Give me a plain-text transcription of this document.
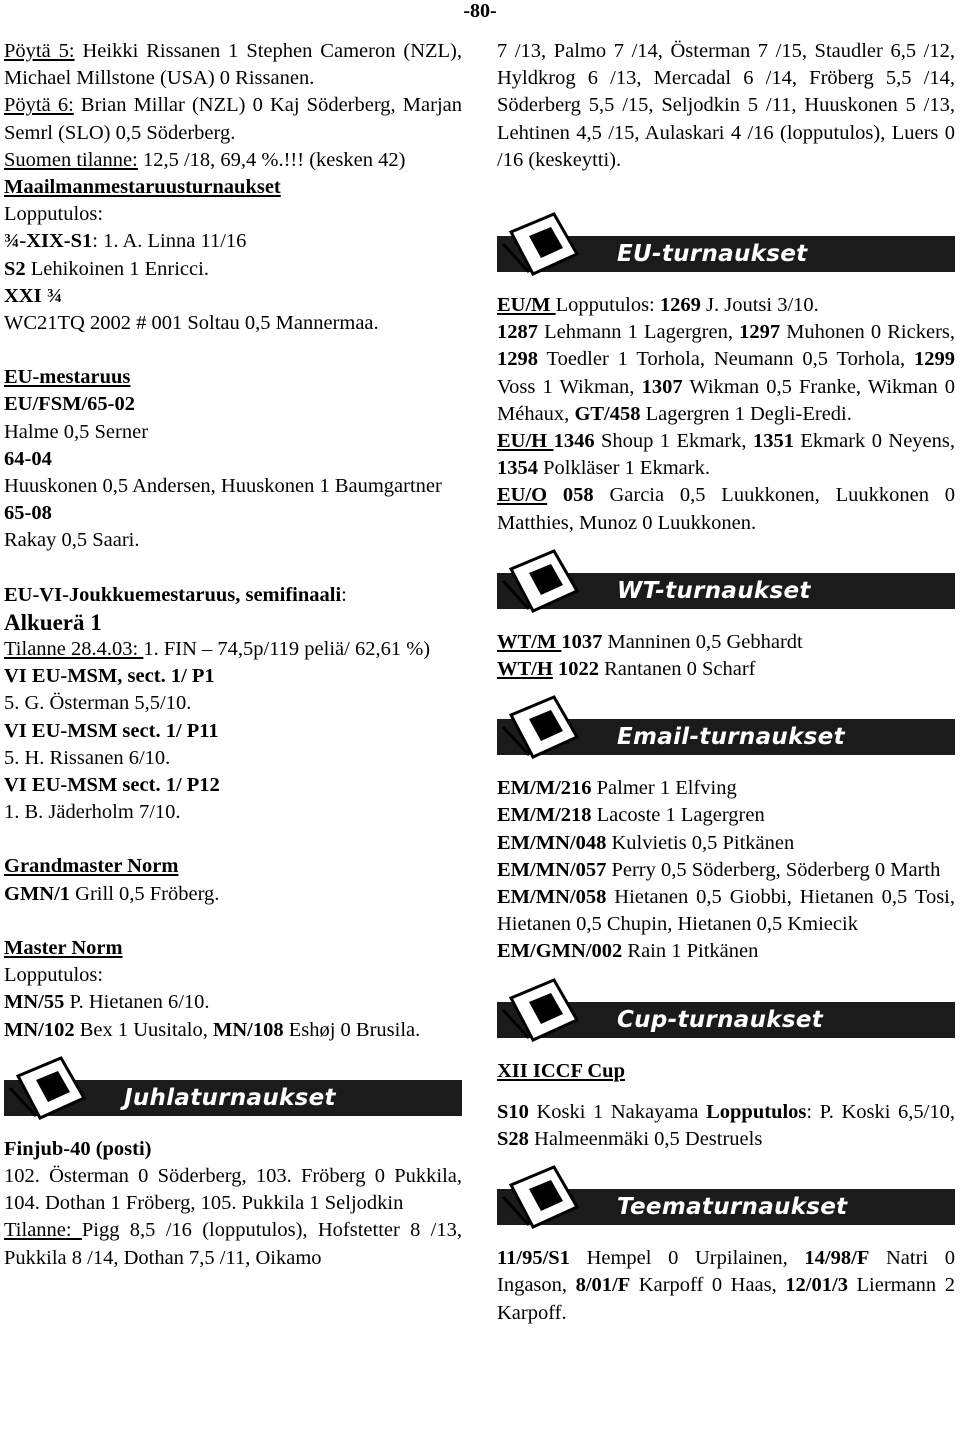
-80-

Pöytä 5: Heikki Rissanen 1 Stephen Cameron (NZL), Michael Millstone (USA) 0 Rissanen.

Pöytä 6: Brian Millar (NZL) 0 Kaj Söderberg, Marjan Semrl (SLO) 0,5 Söderberg.

Suomen tilanne: 12,5 /18, 69,4 %.!!! (kesken 42)

Maailmanmestaruusturnaukset

Lopputulos:

¾-XIX-S1: 1. A. Linna 11/16

S2 Lehikoinen 1 Enricci.

XXI ¾

WC21TQ 2002 # 001 Soltau 0,5 Mannermaa.

EU-mestaruus

EU/FSM/65-02

Halme 0,5 Serner

64-04

Huuskonen 0,5 Andersen, Huuskonen 1 Baumgartner

65-08

Rakay 0,5 Saari.

EU-VI-Joukkuemestaruus, semifinaali:

Alkuerä 1

Tilanne 28.4.03: 1. FIN – 74,5p/119 peliä/ 62,61 %)

VI EU-MSM, sect. 1/ P1

5. G. Österman 5,5/10.

VI EU-MSM sect. 1/ P11

5. H. Rissanen 6/10.

VI EU-MSM sect. 1/ P12

1. B. Jäderholm 7/10.

Grandmaster Norm

GMN/1 Grill 0,5 Fröberg.

Master Norm

Lopputulos:

MN/55 P. Hietanen 6/10.

MN/102 Bex 1 Uusitalo, MN/108 Eshøj 0 Brusila.

Juhlaturnaukset

Finjub-40 (posti)

102. Österman 0 Söderberg, 103. Fröberg 0 Pukkila, 104. Dothan 1 Fröberg, 105. Pukkila 1 Seljodkin

Tilanne: Pigg 8,5 /16 (lopputulos), Hofstetter 8 /13, Pukkila 8 /14, Dothan 7,5 /11, Oikamo

7 /13, Palmo 7 /14, Österman 7 /15, Staudler 6,5 /12, Hyldkrog 6 /13, Mercadal 6 /14, Fröberg 5,5 /14, Söderberg 5,5 /15, Seljodkin 5 /11, Huuskonen 5 /13, Lehtinen 4,5 /15, Aulaskari 4 /16 (lopputulos), Luers 0 /16 (keskeytti).

EU-turnaukset

EU/M Lopputulos: 1269 J. Joutsi 3/10.
1287 Lehmann 1 Lagergren, 1297 Muhonen 0 Rickers, 1298 Toedler 1 Torhola, Neumann 0,5 Torhola, 1299 Voss 1 Wikman, 1307 Wikman 0,5 Franke, Wikman 0 Méhaux, GT/458 Lagergren 1 Degli-Eredi.

EU/H 1346 Shoup 1 Ekmark, 1351 Ekmark 0 Neyens, 1354 Polkläser 1 Ekmark.

EU/O 058 Garcia 0,5 Luukkonen, Luukkonen 0 Matthies, Munoz 0 Luukkonen.

WT-turnaukset

WT/M 1037 Manninen 0,5 Gebhardt

WT/H 1022 Rantanen 0 Scharf

Email-turnaukset

EM/M/216 Palmer 1 Elfving

EM/M/218 Lacoste 1 Lagergren

EM/MN/048 Kulvietis 0,5 Pitkänen

EM/MN/057 Perry 0,5 Söderberg, Söderberg 0 Marth

EM/MN/058 Hietanen 0,5 Giobbi, Hietanen 0,5 Tosi, Hietanen 0,5 Chupin, Hietanen 0,5 Kmiecik

EM/GMN/002 Rain 1 Pitkänen

Cup-turnaukset

XII ICCF Cup

S10 Koski 1 Nakayama Lopputulos: P. Koski 6,5/10, S28 Halmeenmäki 0,5 Destruels

Teematurnaukset

11/95/S1 Hempel 0 Urpilainen, 14/98/F Natri 0 Ingason, 8/01/F Karpoff 0 Haas, 12/01/3 Liermann 2 Karpoff.
